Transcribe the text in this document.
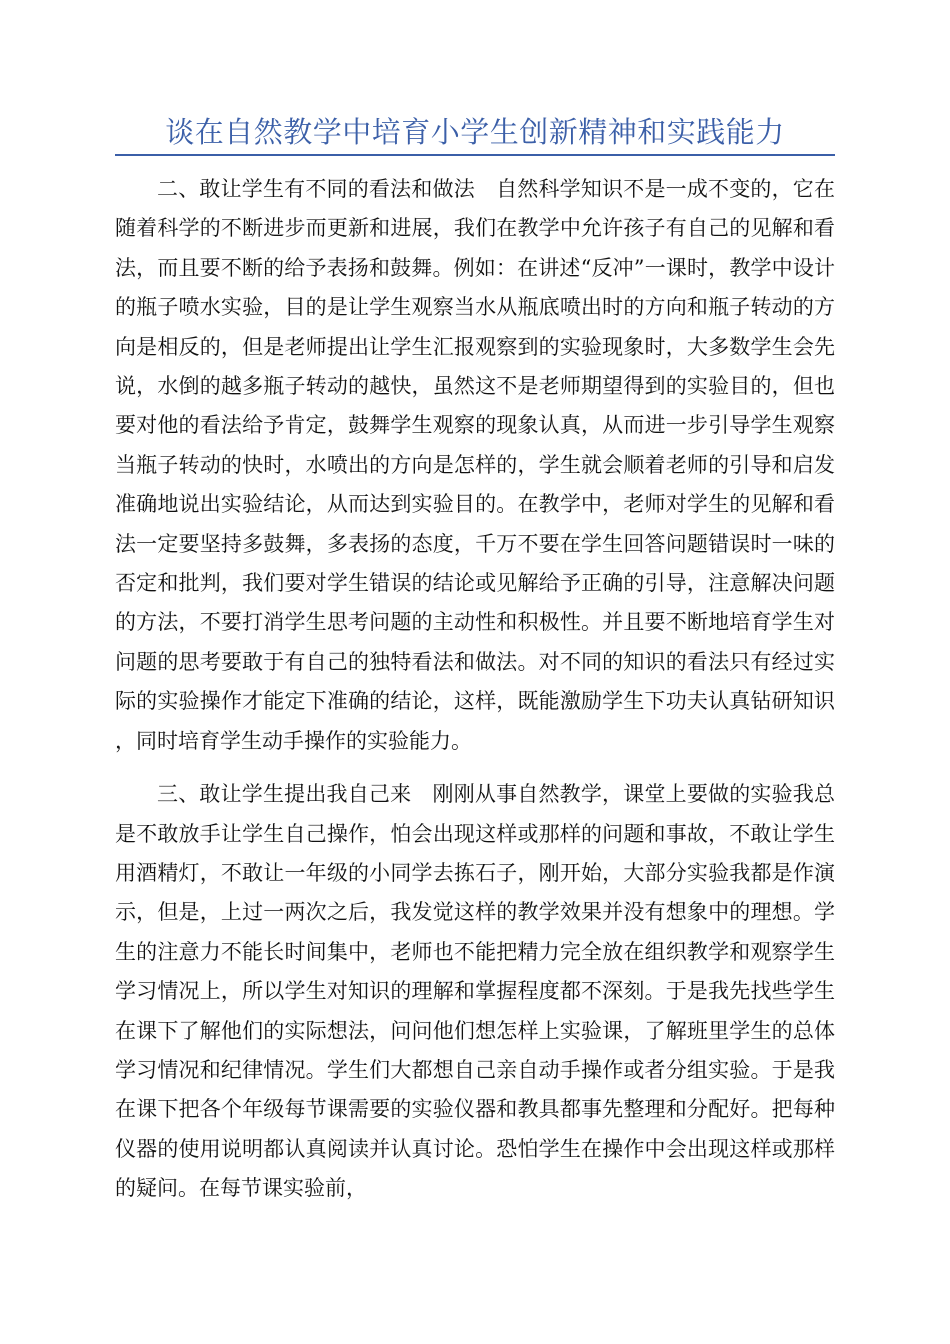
谈在自然教学中培育小学生创新精神和实践能力

二、敢让学生有不同的看法和做法　自然科学知识不是一成不变的，它在随着科学的不断进步而更新和进展，我们在教学中允许孩子有自己的见解和看法，而且要不断的给予表扬和鼓舞。例如：在讲述“反冲”一课时，教学中设计的瓶子喷水实验，目的是让学生观察当水从瓶底喷出时的方向和瓶子转动的方向是相反的，但是老师提出让学生汇报观察到的实验现象时，大多数学生会先说，水倒的越多瓶子转动的越快，虽然这不是老师期望得到的实验目的，但也要对他的看法给予肯定，鼓舞学生观察的现象认真，从而进一步引导学生观察当瓶子转动的快时，水喷出的方向是怎样的，学生就会顺着老师的引导和启发准确地说出实验结论，从而达到实验目的。在教学中，老师对学生的见解和看法一定要坚持多鼓舞，多表扬的态度，千万不要在学生回答问题错误时一味的否定和批判，我们要对学生错误的结论或见解给予正确的引导，注意解决问题的方法，不要打消学生思考问题的主动性和积极性。并且要不断地培育学生对问题的思考要敢于有自己的独特看法和做法。对不同的知识的看法只有经过实际的实验操作才能定下准确的结论，这样，既能激励学生下功夫认真钻研知识，同时培育学生动手操作的实验能力。

三、敢让学生提出我自己来　刚刚从事自然教学，课堂上要做的实验我总是不敢放手让学生自己操作，怕会出现这样或那样的问题和事故，不敢让学生用酒精灯，不敢让一年级的小同学去拣石子，刚开始，大部分实验我都是作演示，但是，上过一两次之后，我发觉这样的教学效果并没有想象中的理想。学生的注意力不能长时间集中，老师也不能把精力完全放在组织教学和观察学生学习情况上，所以学生对知识的理解和掌握程度都不深刻。于是我先找些学生在课下了解他们的实际想法，问问他们想怎样上实验课，了解班里学生的总体学习情况和纪律情况。学生们大都想自己亲自动手操作或者分组实验。于是我在课下把各个年级每节课需要的实验仪器和教具都事先整理和分配好。把每种仪器的使用说明都认真阅读并认真讨论。恐怕学生在操作中会出现这样或那样的疑问。在每节课实验前，
